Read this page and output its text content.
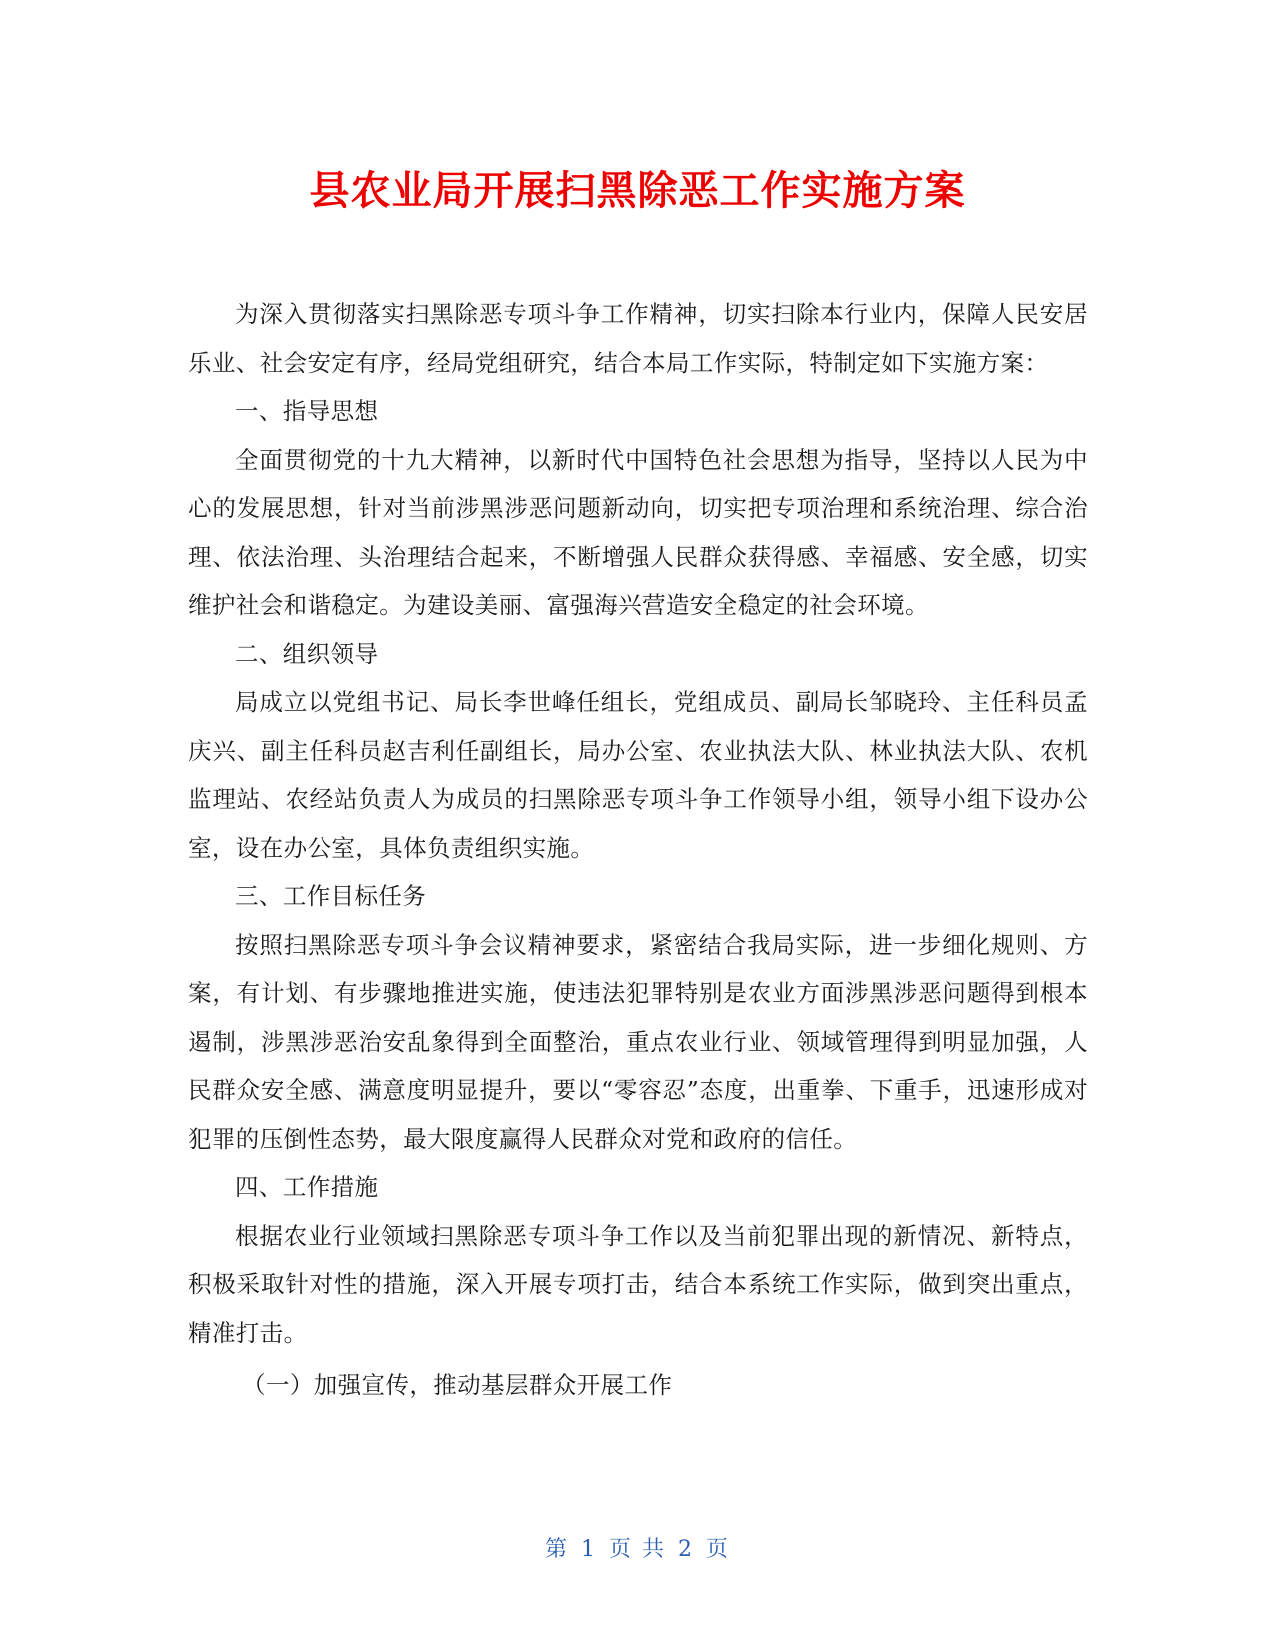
县农业局开展扫黑除恶工作实施方案

为深入贯彻落实扫黑除恶专项斗争工作精神，切实扫除本行业内，保障人民安居乐业、社会安定有序，经局党组研究，结合本局工作实际，特制定如下实施方案：

一、指导思想

全面贯彻党的十九大精神，以新时代中国特色社会思想为指导，坚持以人民为中心的发展思想，针对当前涉黑涉恶问题新动向，切实把专项治理和系统治理、综合治理、依法治理、头治理结合起来，不断增强人民群众获得感、幸福感、安全感，切实维护社会和谐稳定。为建设美丽、富强海兴营造安全稳定的社会环境。

二、组织领导

局成立以党组书记、局长李世峰任组长，党组成员、副局长邹晓玲、主任科员孟庆兴、副主任科员赵吉利任副组长，局办公室、农业执法大队、林业执法大队、农机监理站、农经站负责人为成员的扫黑除恶专项斗争工作领导小组，领导小组下设办公室，设在办公室，具体负责组织实施。

三、工作目标任务

按照扫黑除恶专项斗争会议精神要求，紧密结合我局实际，进一步细化规则、方案，有计划、有步骤地推进实施，使违法犯罪特别是农业方面涉黑涉恶问题得到根本遏制，涉黑涉恶治安乱象得到全面整治，重点农业行业、领域管理得到明显加强，人民群众安全感、满意度明显提升，要以“零容忍”态度，出重拳、下重手，迅速形成对犯罪的压倒性态势，最大限度赢得人民群众对党和政府的信任。

四、工作措施

根据农业行业领域扫黑除恶专项斗争工作以及当前犯罪出现的新情况、新特点，积极采取针对性的措施，深入开展专项打击，结合本系统工作实际，做到突出重点，精准打击。

（一）加强宣传，推动基层群众开展工作

第 1 页 共 2 页
